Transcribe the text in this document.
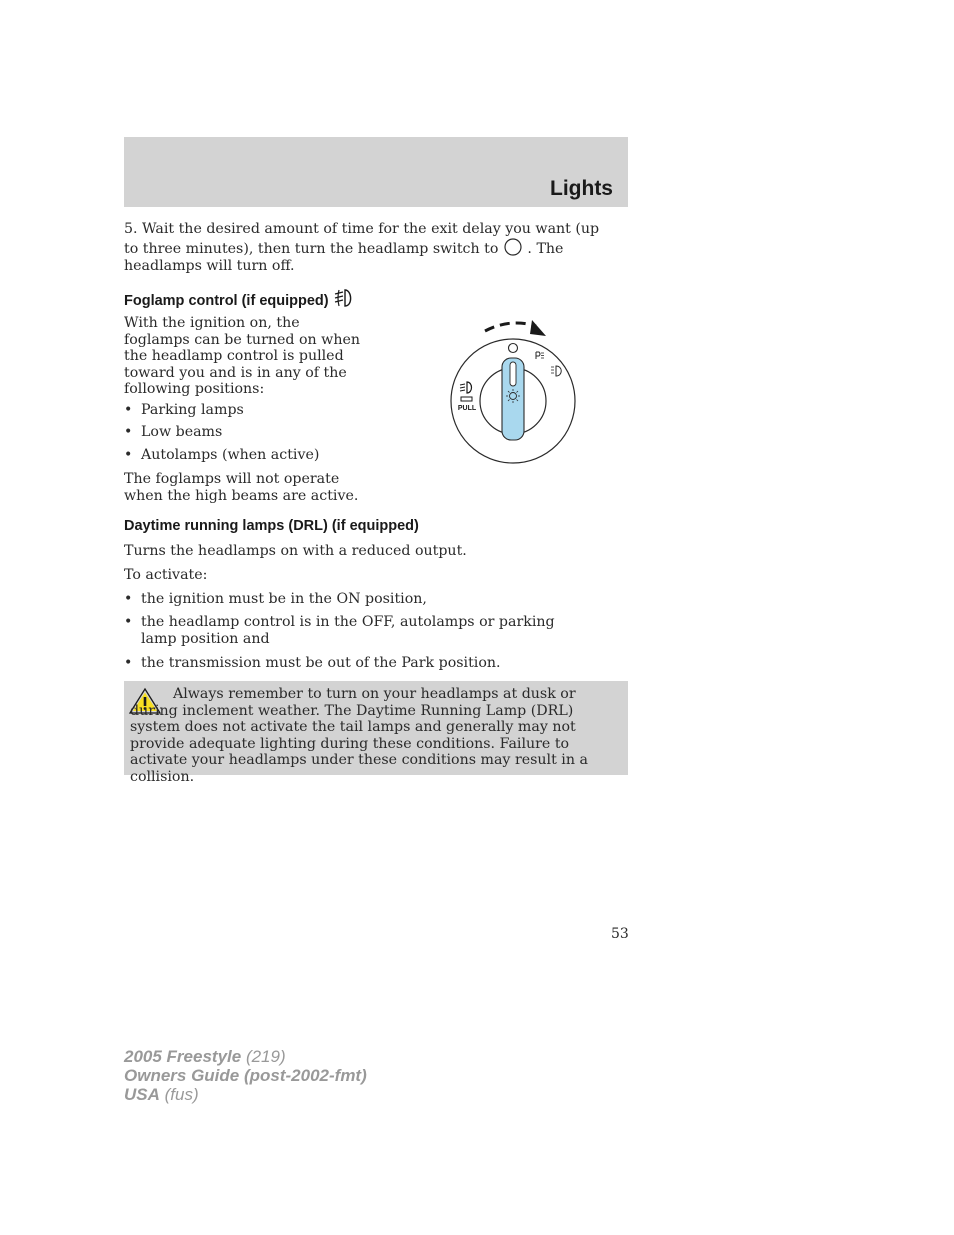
Lights

5. Wait the desired amount of time for the exit delay you want (up to three minutes), then turn the headlamp switch to . The headlamps will turn off.

Foglamp control (if equipped)

With the ignition on, the foglamps can be turned on when the headlamp control is pulled toward you and is in any of the following positions:

• Parking lamps
• Low beams
• Autolamps (when active)

The foglamps will not operate when the high beams are active.

PULL
Daytime running lamps (DRL) (if equipped)

Turns the headlamps on with a reduced output.

To activate:

• the ignition must be in the ON position,
• the headlamp control is in the OFF, autolamps or parking lamp position and
• the transmission must be out of the Park position.

Always remember to turn on your headlamps at dusk or during inclement weather. The Daytime Running Lamp (DRL) system does not activate the tail lamps and generally may not provide adequate lighting during these conditions. Failure to activate your headlamps under these conditions may result in a collision.

53
2005 Freestyle (219)
Owners Guide (post-2002-fmt)
USA (fus)
